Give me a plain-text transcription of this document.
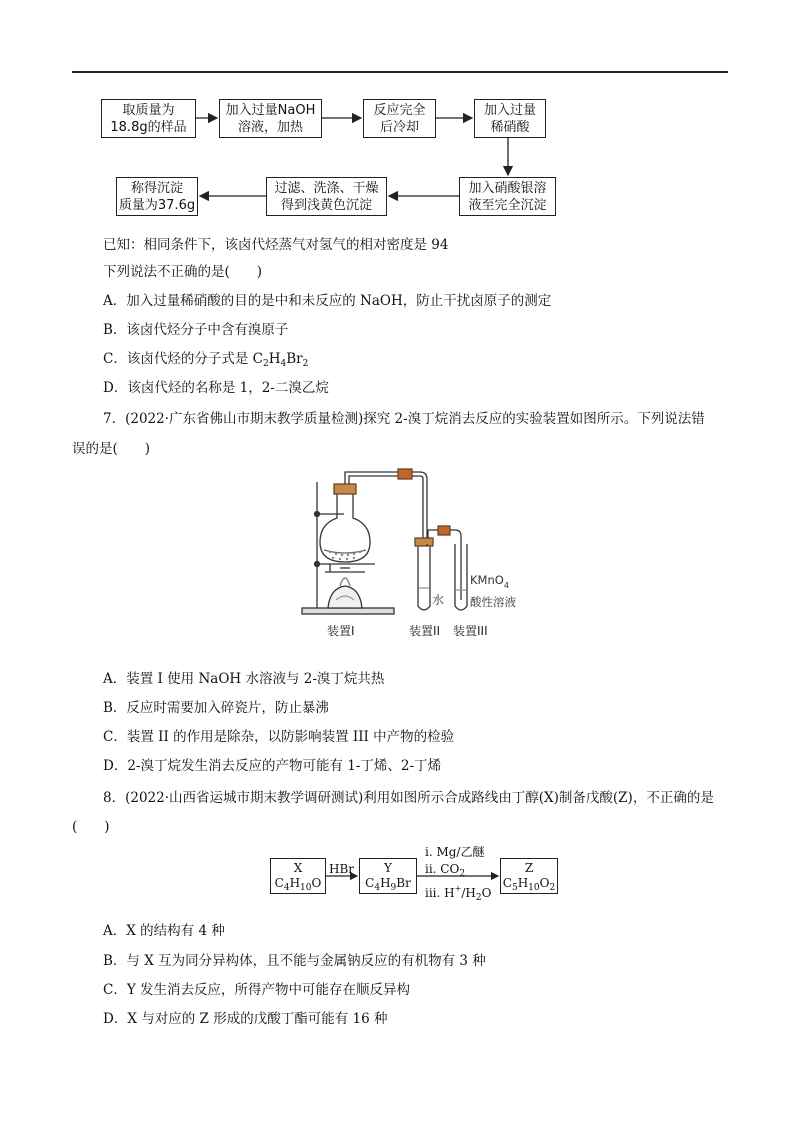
取质量为
18.8g的样品
加入过量NaOH
溶液，加热
反应完全
后冷却
加入过量
稀硝酸
加入硝酸银溶
液至完全沉淀
过滤、洗涤、干燥
得到浅黄色沉淀
称得沉淀
质量为37.6g
已知：相同条件下，该卤代烃蒸气对氢气的相对密度是 94
下列说法不正确的是(　　)
A．加入过量稀硝酸的目的是中和未反应的 NaOH，防止干扰卤原子的测定
B．该卤代烃分子中含有溴原子
C．该卤代烃的分子式是 $C_2H_4Br_2$
D．该卤代烃的名称是 1，2-二溴乙烷
7．(2022·广东省佛山市期末教学质量检测)探究 2-溴丁烷消去反应的实验装置如图所示。下列说法错
误的是(　　)
水
KMnO$_4$
酸性溶液
装置I	装置II 装置III
A．装置 I 使用 NaOH 水溶液与 2-溴丁烷共热
B．反应时需要加入碎瓷片，防止暴沸
C．装置 II 的作用是除杂，以防影响装置 III 中产物的检验
D．2-溴丁烷发生消去反应的产物可能有 1-丁烯、2-丁烯
8．(2022·山西省运城市期末教学调研测试)利用如图所示合成路线由丁醇(X)制备戊酸(Z)，不正确的是
(　　)
X
$C_4H_{10}O$
Y
$C_4H_9Br$
Z
$C_5H_{10}O_2$
HBr
i. Mg/乙醚
ii. $CO_2$
iii. $H^+/H_2O$
A．X 的结构有 4 种
B．与 X 互为同分异构体，且不能与金属钠反应的有机物有 3 种
C．Y 发生消去反应，所得产物中可能存在顺反异构
D．X 与对应的 Z 形成的戊酸丁酯可能有 16 种
